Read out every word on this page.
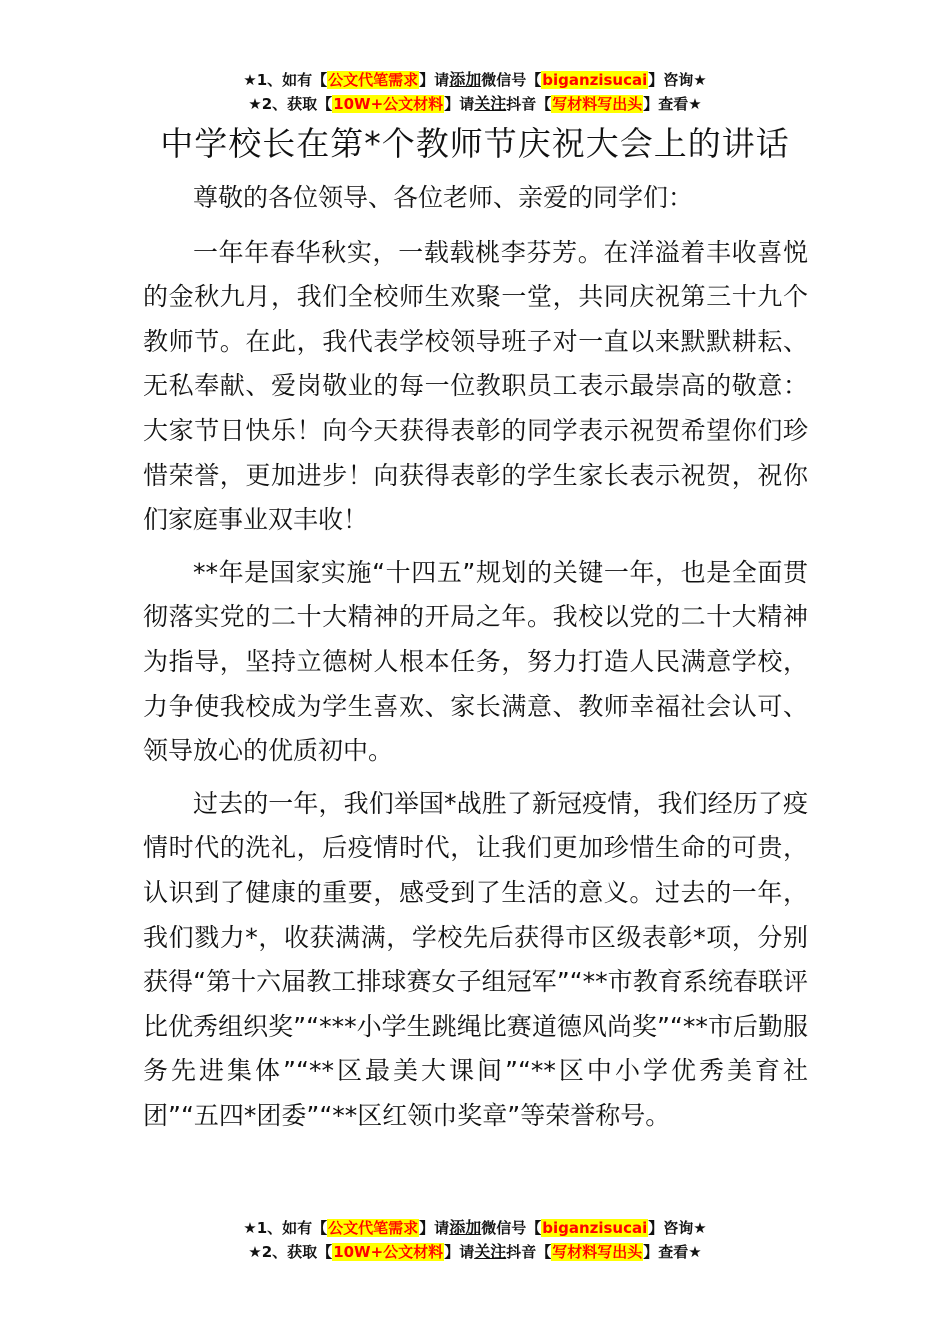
★1、如有【公文代笔需求】请添加微信号【biganzisucai】咨询★
★2、获取【10W+公文材料】请关注抖音【写材料写出头】查看★
中学校长在第*个教师节庆祝大会上的讲话

尊敬的各位领导、各位老师、亲爱的同学们：

一年年春华秋实，一载载桃李芬芳。在洋溢着丰收喜悦的金秋九月，我们全校师生欢聚一堂，共同庆祝第三十九个教师节。在此，我代表学校领导班子对一直以来默默耕耘、无私奉献、爱岗敬业的每一位教职员工表示最崇高的敬意：大家节日快乐！向今天获得表彰的同学表示祝贺希望你们珍惜荣誉，更加进步！向获得表彰的学生家长表示祝贺，祝你们家庭事业双丰收！

**年是国家实施“十四五”规划的关键一年，也是全面贯彻落实党的二十大精神的开局之年。我校以党的二十大精神为指导，坚持立德树人根本任务，努力打造人民满意学校，力争使我校成为学生喜欢、家长满意、教师幸福社会认可、领导放心的优质初中。

过去的一年，我们举国*战胜了新冠疫情，我们经历了疫情时代的洗礼，后疫情时代，让我们更加珍惜生命的可贵，认识到了健康的重要，感受到了生活的意义。过去的一年，我们戮力*，收获满满，学校先后获得市区级表彰*项，分别获得“第十六届教工排球赛女子组冠军”“**市教育系统春联评比优秀组织奖”“***小学生跳绳比赛道德风尚奖”“**市后勤服务先进集体”“**区最美大课间”“**区中小学优秀美育社团”“五四*团委”“**区红领巾奖章”等荣誉称号。

★1、如有【公文代笔需求】请添加微信号【biganzisucai】咨询★
★2、获取【10W+公文材料】请关注抖音【写材料写出头】查看★
